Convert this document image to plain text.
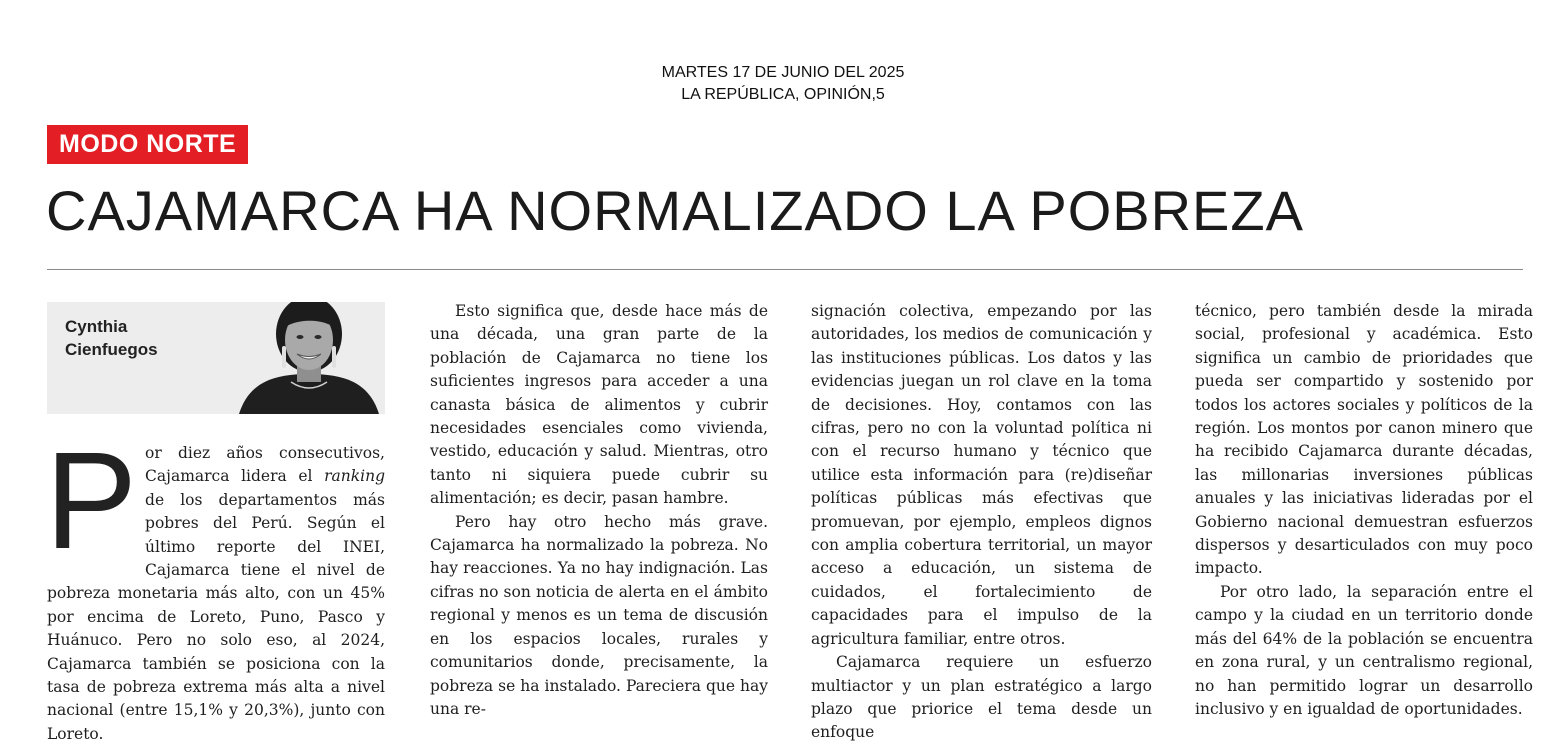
MARTES 17 DE JUNIO DEL 2025
LA REPÚBLICA, OPINIÓN,5
MODO NORTE
CAJAMARCA HA NORMALIZADO LA POBREZA
Cynthia Cienfuegos

Por diez años consecutivos, Cajamarca lidera el ranking de los departamentos más pobres del Perú. Según el último reporte del INEI, Cajamarca tiene el nivel de pobreza monetaria más alto, con un 45% por encima de Loreto, Puno, Pasco y Huánuco. Pero no solo eso, al 2024, Cajamarca también se posiciona con la tasa de pobreza extrema más alta a nivel nacional (entre 15,1% y 20,3%), junto con Loreto.

Esto significa que, desde hace más de una década, una gran parte de la población de Cajamarca no tiene los suficientes ingresos para acceder a una canasta básica de alimentos y cubrir necesidades esenciales como vivienda, vestido, educación y salud. Mientras, otro tanto ni siquiera puede cubrir su alimentación; es decir, pasan hambre.

Pero hay otro hecho más grave. Cajamarca ha normalizado la pobreza. No hay reacciones. Ya no hay indignación. Las cifras no son noticia de alerta en el ámbito regional y menos es un tema de discusión en los espacios locales, rurales y comunitarios donde, precisamente, la pobreza se ha instalado. Pareciera que hay una re-

signación colectiva, empezando por las autoridades, los medios de comunicación y las instituciones públicas. Los datos y las evidencias juegan un rol clave en la toma de decisiones. Hoy, contamos con las cifras, pero no con la voluntad política ni con el recurso humano y técnico que utilice esta información para (re)diseñar políticas públicas más efectivas que promuevan, por ejemplo, empleos dignos con amplia cobertura territorial, un mayor acceso a educación, un sistema de cuidados, el fortalecimiento de capacidades para el impulso de la agricultura familiar, entre otros.

Cajamarca requiere un esfuerzo multiactor y un plan estratégico a largo plazo que priorice el tema desde un enfoque

técnico, pero también desde la mirada social, profesional y académica. Esto significa un cambio de prioridades que pueda ser compartido y sostenido por todos los actores sociales y políticos de la región. Los montos por canon minero que ha recibido Cajamarca durante décadas, las millonarias inversiones públicas anuales y las iniciativas lideradas por el Gobierno nacional demuestran esfuerzos dispersos y desarticulados con muy poco impacto.

Por otro lado, la separación entre el campo y la ciudad en un territorio donde más del 64% de la población se encuentra en zona rural, y un centralismo regional, no han permitido lograr un desarrollo inclusivo y en igualdad de oportunidades.
